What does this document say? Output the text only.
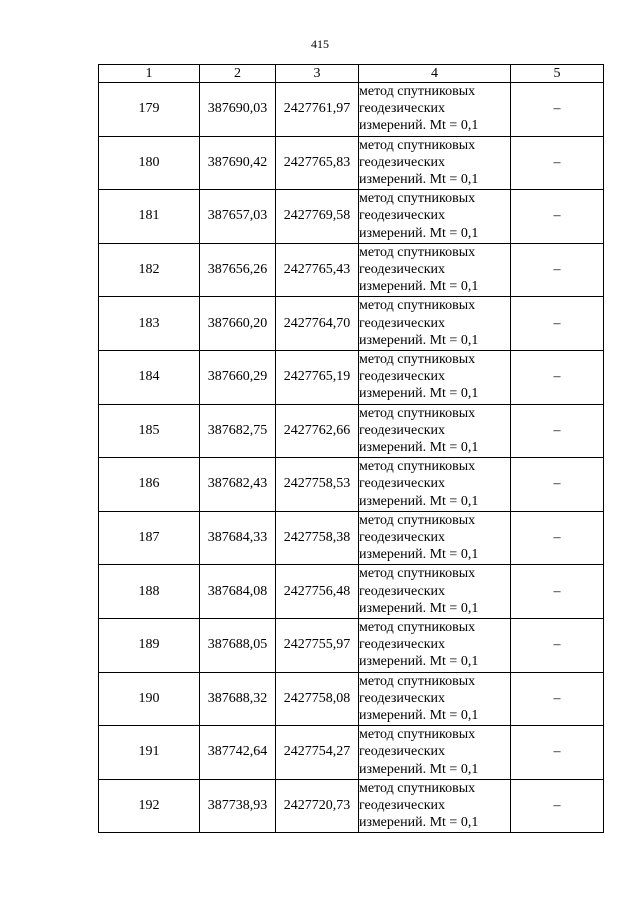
415
1	2	3	4	5
179	387690,03	2427761,97	метод спутниковых
геодезических
измерений. Mt = 0,1	–
180	387690,42	2427765,83	метод спутниковых
геодезических
измерений. Mt = 0,1	–
181	387657,03	2427769,58	метод спутниковых
геодезических
измерений. Mt = 0,1	–
182	387656,26	2427765,43	метод спутниковых
геодезических
измерений. Mt = 0,1	–
183	387660,20	2427764,70	метод спутниковых
геодезических
измерений. Mt = 0,1	–
184	387660,29	2427765,19	метод спутниковых
геодезических
измерений. Mt = 0,1	–
185	387682,75	2427762,66	метод спутниковых
геодезических
измерений. Mt = 0,1	–
186	387682,43	2427758,53	метод спутниковых
геодезических
измерений. Mt = 0,1	–
187	387684,33	2427758,38	метод спутниковых
геодезических
измерений. Mt = 0,1	–
188	387684,08	2427756,48	метод спутниковых
геодезических
измерений. Mt = 0,1	–
189	387688,05	2427755,97	метод спутниковых
геодезических
измерений. Mt = 0,1	–
190	387688,32	2427758,08	метод спутниковых
геодезических
измерений. Mt = 0,1	–
191	387742,64	2427754,27	метод спутниковых
геодезических
измерений. Mt = 0,1	–
192	387738,93	2427720,73	метод спутниковых
геодезических
измерений. Mt = 0,1	–
